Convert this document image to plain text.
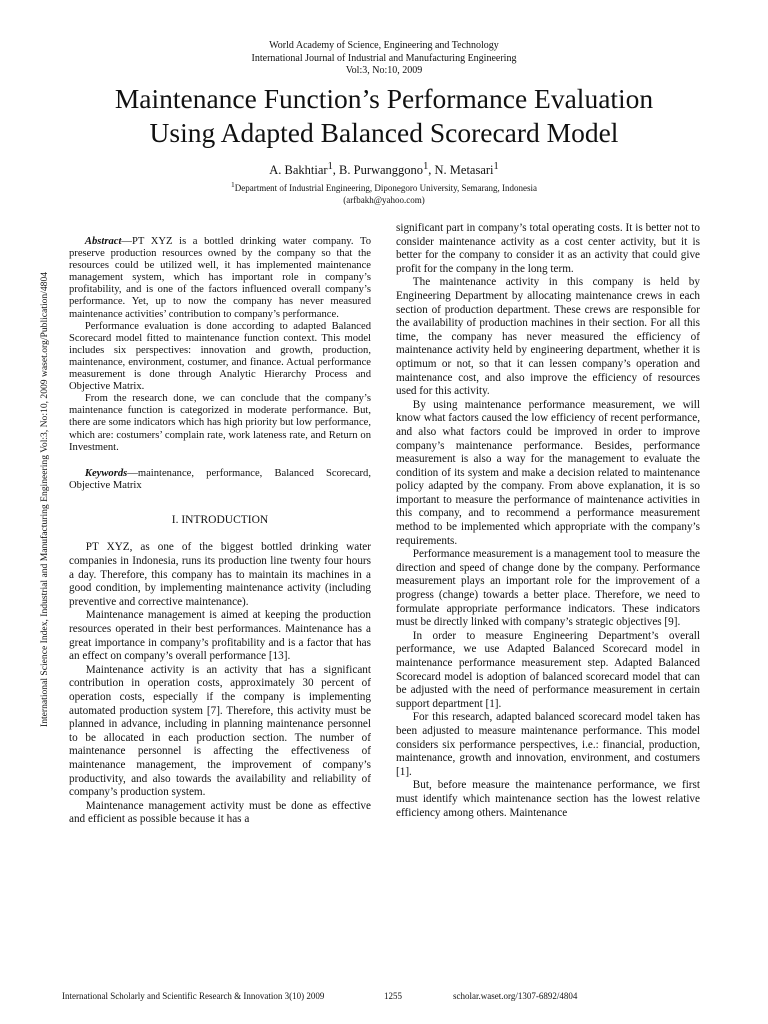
World Academy of Science, Engineering and Technology
International Journal of Industrial and Manufacturing Engineering
Vol:3, No:10, 2009
Maintenance Function’s Performance Evaluation
Using Adapted Balanced Scorecard Model
A. Bakhtiar$^1$, B. Purwanggono$^1$, N. Metasari$^1$
$^1$Department of Industrial Engineering, Diponegoro University, Semarang, Indonesia
(arfbakh@yahoo.com)
International Science Index, Industrial and Manufacturing Engineering Vol:3, No:10, 2009 waset.org/Publication/4804

Abstract—PT XYZ is a bottled drinking water company. To preserve production resources owned by the company so that the resources could be utilized well, it has implemented maintenance management system, which has important role in company’s profitability, and is one of the factors influenced overall company’s performance. Yet, up to now the company has never measured maintenance activities’ contribution to company’s performance.

Performance evaluation is done according to adapted Balanced Scorecard model fitted to maintenance function context. This model includes six perspectives: innovation and growth, production, maintenance, environment, costumer, and finance. Actual performance measurement is done through Analytic Hierarchy Process and Objective Matrix.

From the research done, we can conclude that the company’s maintenance function is categorized in moderate performance. But, there are some indicators which has high priority but low performance, which are: costumers’ complain rate, work lateness rate, and Return on Investment.

Keywords—maintenance, performance, Balanced Scorecard, Objective Matrix

I. INTRODUCTION

PT XYZ, as one of the biggest bottled drinking water companies in Indonesia, runs its production line twenty four hours a day. Therefore, this company has to maintain its machines in a good condition, by implementing maintenance activity (including preventive and corrective maintenance).

Maintenance management is aimed at keeping the production resources operated in their best performances. Maintenance has a great importance in company’s profitability and is a factor that has an effect on company’s overall performance [13].

Maintenance activity is an activity that has a significant contribution in operation costs, approximately 30 percent of operation costs, especially if the company is implementing automated production system [7]. Therefore, this activity must be planned in advance, including in planning maintenance personnel to be allocated in each production section. The number of maintenance personnel is affecting the effectiveness of maintenance management, the improvement of company’s productivity, and also towards the availability and reliability of company’s production system.

Maintenance management activity must be done as effective and efficient as possible because it has a

significant part in company’s total operating costs. It is better not to consider maintenance activity as a cost center activity, but it is better for the company to consider it as an activity that could give profit for the company in the long term.

The maintenance activity in this company is held by Engineering Department by allocating maintenance crews in each section of production department. These crews are responsible for the availability of production machines in their section. For all this time, the company has never measured the efficiency of maintenance activity held by engineering department, whether it is optimum or not, so that it can lessen company’s operation and maintenance cost, and also improve the efficiency of resources used for this activity.

By using maintenance performance measurement, we will know what factors caused the low efficiency of recent performance, and also what factors could be improved in order to improve company’s maintenance performance. Besides, performance measurement is also a way for the management to evaluate the condition of its system and make a decision related to maintenance policy adapted by the company. From above explanation, it is so important to measure the performance of maintenance activities in this company, and to recommend a performance measurement method to be implemented which appropriate with the company’s requirements.

Performance measurement is a management tool to measure the direction and speed of change done by the company. Performance measurement plays an important role for the improvement of a progress (change) towards a better place. Therefore, we need to formulate appropriate performance indicators. These indicators must be directly linked with company’s strategic objectives [9].

In order to measure Engineering Department’s overall performance, we use Adapted Balanced Scorecard model in maintenance performance measurement step. Adapted Balanced Scorecard model is adoption of balanced scorecard model that can be adjusted with the need of performance measurement in certain support department [1].

For this research, adapted balanced scorecard model taken has been adjusted to measure maintenance performance. This model considers six performance perspectives, i.e.: financial, production, maintenance, growth and innovation, environment, and costumers [1].

But, before measure the maintenance performance, we first must identify which maintenance section has the lowest relative efficiency among others. Maintenance

International Scholarly and Scientific Research & Innovation 3(10) 2009	1255	scholar.waset.org/1307-6892/4804
